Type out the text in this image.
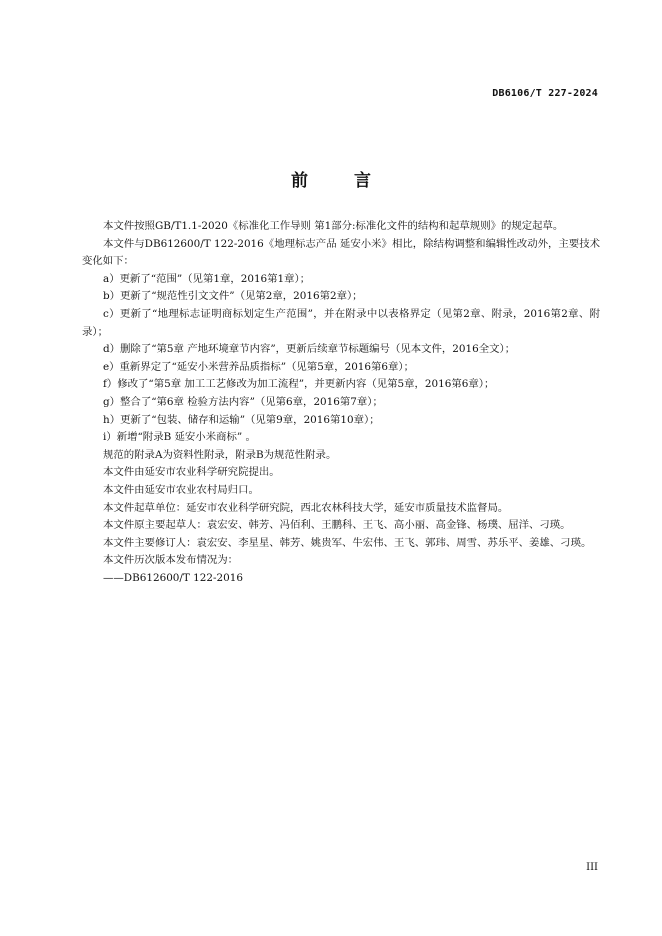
DB6106/T 227-2024
前 言

本文件按照GB/T1.1-2020《标准化工作导则 第1部分:标准化文件的结构和起草规则》的规定起草。

本文件与DB612600/T 122-2016《地理标志产品 延安小米》相比，除结构调整和编辑性改动外，主要技术变化如下：

a）更新了“范围”（见第1章，2016第1章）；

b）更新了“规范性引文文件”（见第2章，2016第2章）；

c）更新了“地理标志证明商标划定生产范围”，并在附录中以表格界定（见第2章、附录，2016第2章、附录）；

d）删除了“第5章 产地环境章节内容”，更新后续章节标题编号（见本文件，2016全文）；

e）重新界定了“延安小米营养品质指标”（见第5章，2016第6章）；

f）修改了“第5章 加工工艺修改为加工流程”，并更新内容（见第5章，2016第6章）；

g）整合了“第6章 检验方法内容”（见第6章，2016第7章）；

h）更新了“包装、储存和运输”（见第9章，2016第10章）；

i）新增“附录B 延安小米商标” 。

规范的附录A为资料性附录，附录B为规范性附录。

本文件由延安市农业科学研究院提出。

本文件由延安市农业农村局归口。

本文件起草单位：延安市农业科学研究院，西北农林科技大学，延安市质量技术监督局。

本文件原主要起草人：袁宏安、韩芳、冯佰利、王鹏科、王飞、高小丽、高金锋、杨璞、屈洋、刁瑛。

本文件主要修订人：袁宏安、李星星、韩芳、姚贵军、牛宏伟、王飞、郭玮、周雪、苏乐平、姜雄、刁瑛。

本文件历次版本发布情况为：

——DB612600/T 122-2016

III
